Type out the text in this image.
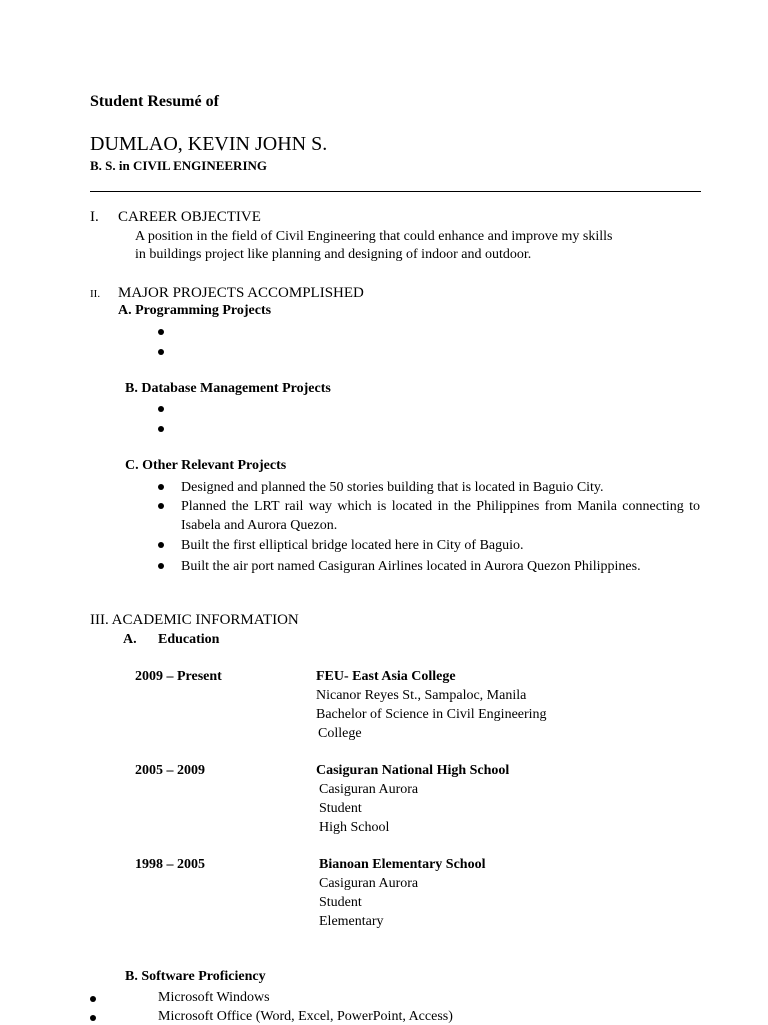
Student Resumé of
DUMLAO, KEVIN JOHN S.
B. S. in CIVIL ENGINEERING
I. CAREER OBJECTIVE
A position in the field of Civil Engineering that could enhance and improve my skills
in buildings project like planning and designing of indoor and outdoor.
II. MAJOR PROJECTS ACCOMPLISHED
A. Programming Projects
B. Database Management Projects
C. Other Relevant Projects
Designed and planned the 50 stories building that is located in Baguio City.
Planned the LRT rail way which is located in the Philippines from Manila connecting to Isabela and Aurora Quezon.
Built the first elliptical bridge located here in City of Baguio.
Built the air port named Casiguran Airlines located in Aurora Quezon Philippines.
III. ACADEMIC INFORMATION
A. Education
2009 – Present	FEU- East Asia College
Nicanor Reyes St., Sampaloc, Manila
Bachelor of Science in Civil Engineering
College
2005 – 2009	Casiguran National High School
Casiguran Aurora
Student
High School
1998 – 2005	Bianoan Elementary School
Casiguran Aurora
Student
Elementary
B. Software Proficiency
Microsoft Windows
Microsoft Office (Word, Excel, PowerPoint, Access)
